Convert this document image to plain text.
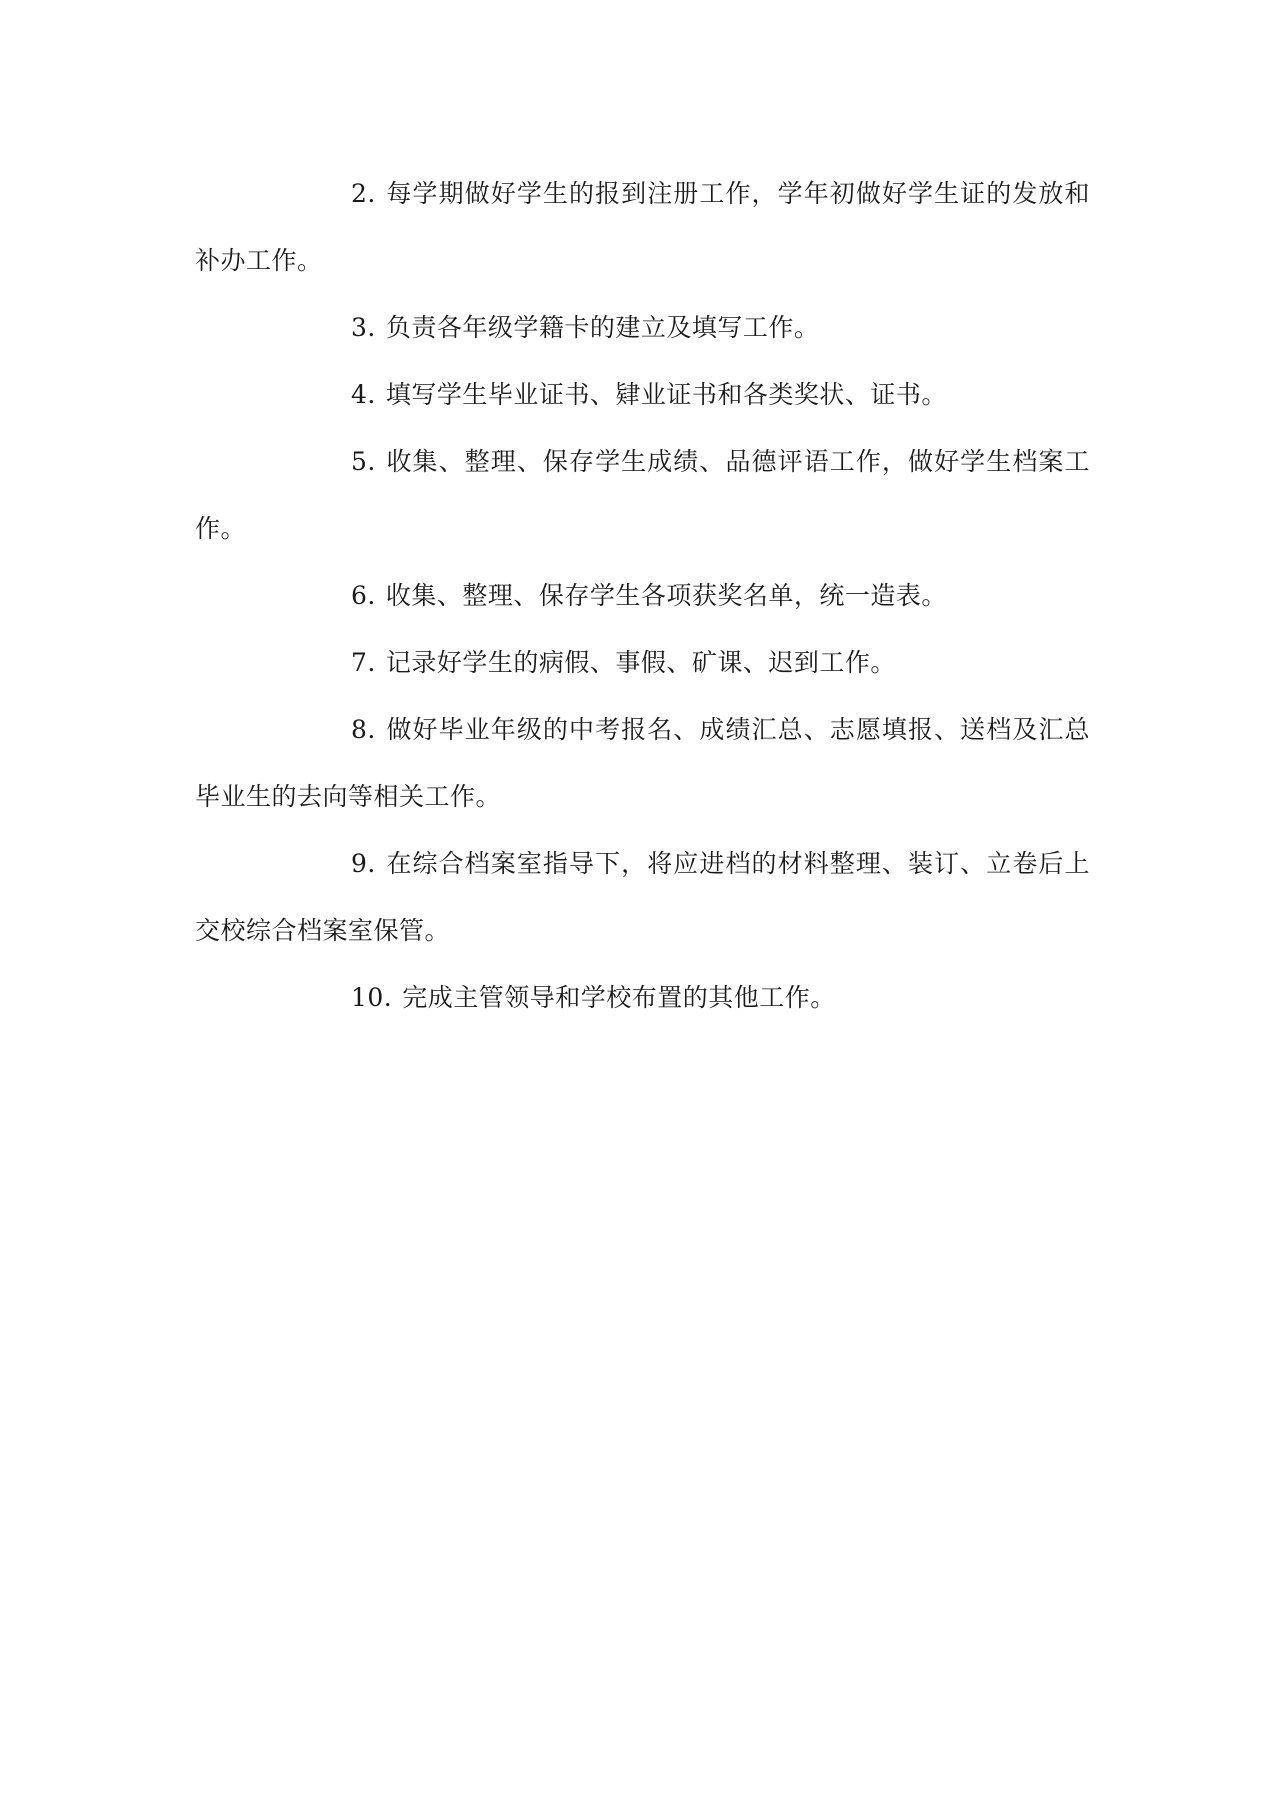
2. 每学期做好学生的报到注册工作，学年初做好学生证的发放和补办工作。

3. 负责各年级学籍卡的建立及填写工作。

4. 填写学生毕业证书、肄业证书和各类奖状、证书。

5. 收集、整理、保存学生成绩、品德评语工作，做好学生档案工作。

6. 收集、整理、保存学生各项获奖名单，统一造表。

7. 记录好学生的病假、事假、矿课、迟到工作。

8. 做好毕业年级的中考报名、成绩汇总、志愿填报、送档及汇总毕业生的去向等相关工作。

9. 在综合档案室指导下，将应进档的材料整理、装订、立卷后上交校综合档案室保管。

10. 完成主管领导和学校布置的其他工作。
